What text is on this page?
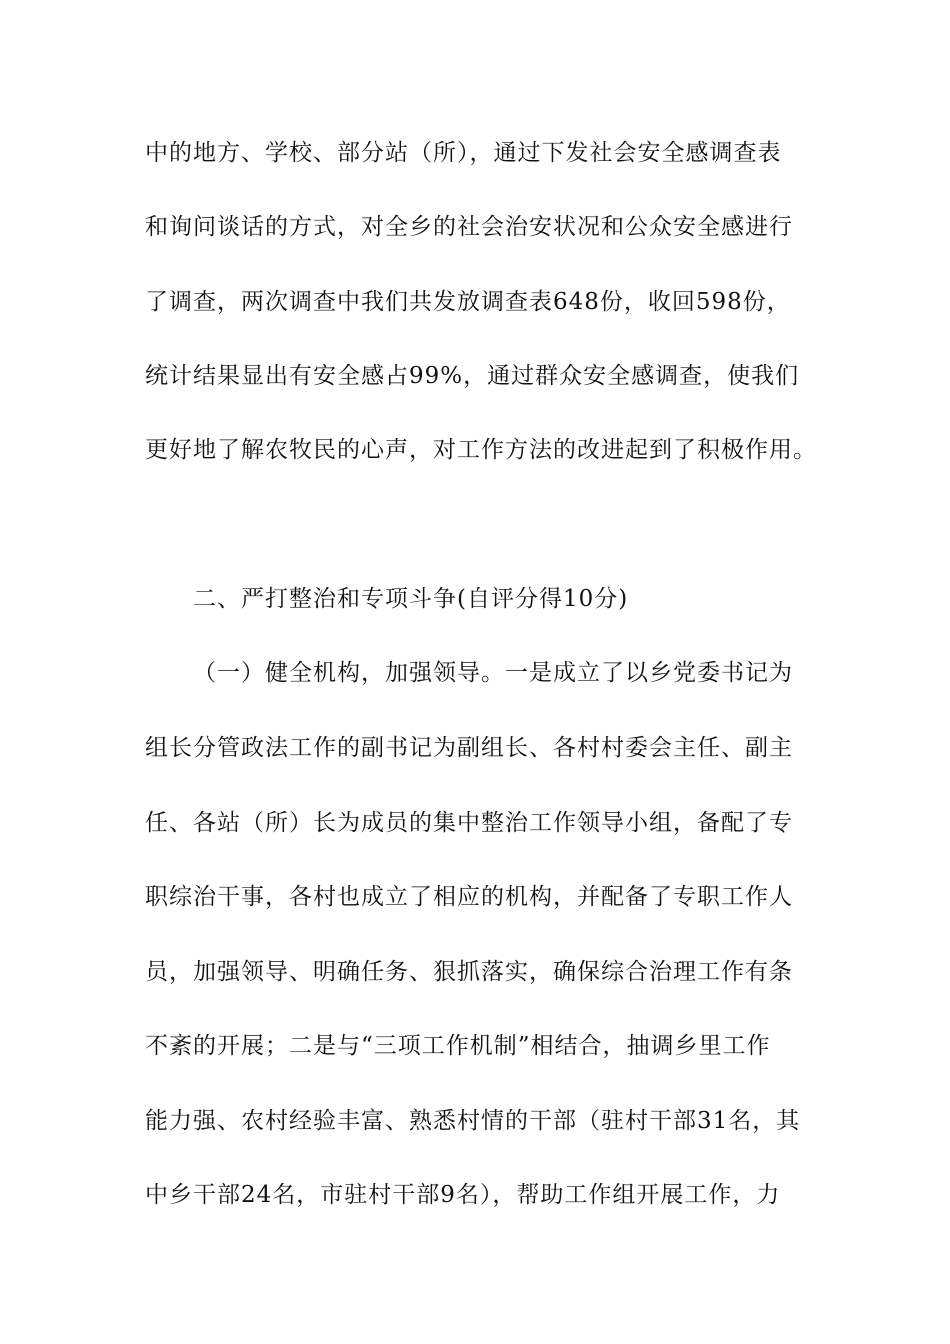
中的地方、学校、部分站（所），通过下发社会安全感调查表
和询问谈话的方式，对全乡的社会治安状况和公众安全感进行
了调查，两次调查中我们共发放调查表648份，收回598份，
统计结果显出有安全感占99%，通过群众安全感调查，使我们
更好地了解农牧民的心声，对工作方法的改进起到了积极作用。
二、严打整治和专项斗争(自评分得10分)
（一）健全机构，加强领导。一是成立了以乡党委书记为
组长分管政法工作的副书记为副组长、各村村委会主任、副主
任、各站（所）长为成员的集中整治工作领导小组，备配了专
职综治干事，各村也成立了相应的机构，并配备了专职工作人
员，加强领导、明确任务、狠抓落实，确保综合治理工作有条
不紊的开展；二是与“三项工作机制”相结合，抽调乡里工作
能力强、农村经验丰富、熟悉村情的干部（驻村干部31名，其
中乡干部24名，市驻村干部9名），帮助工作组开展工作，力
